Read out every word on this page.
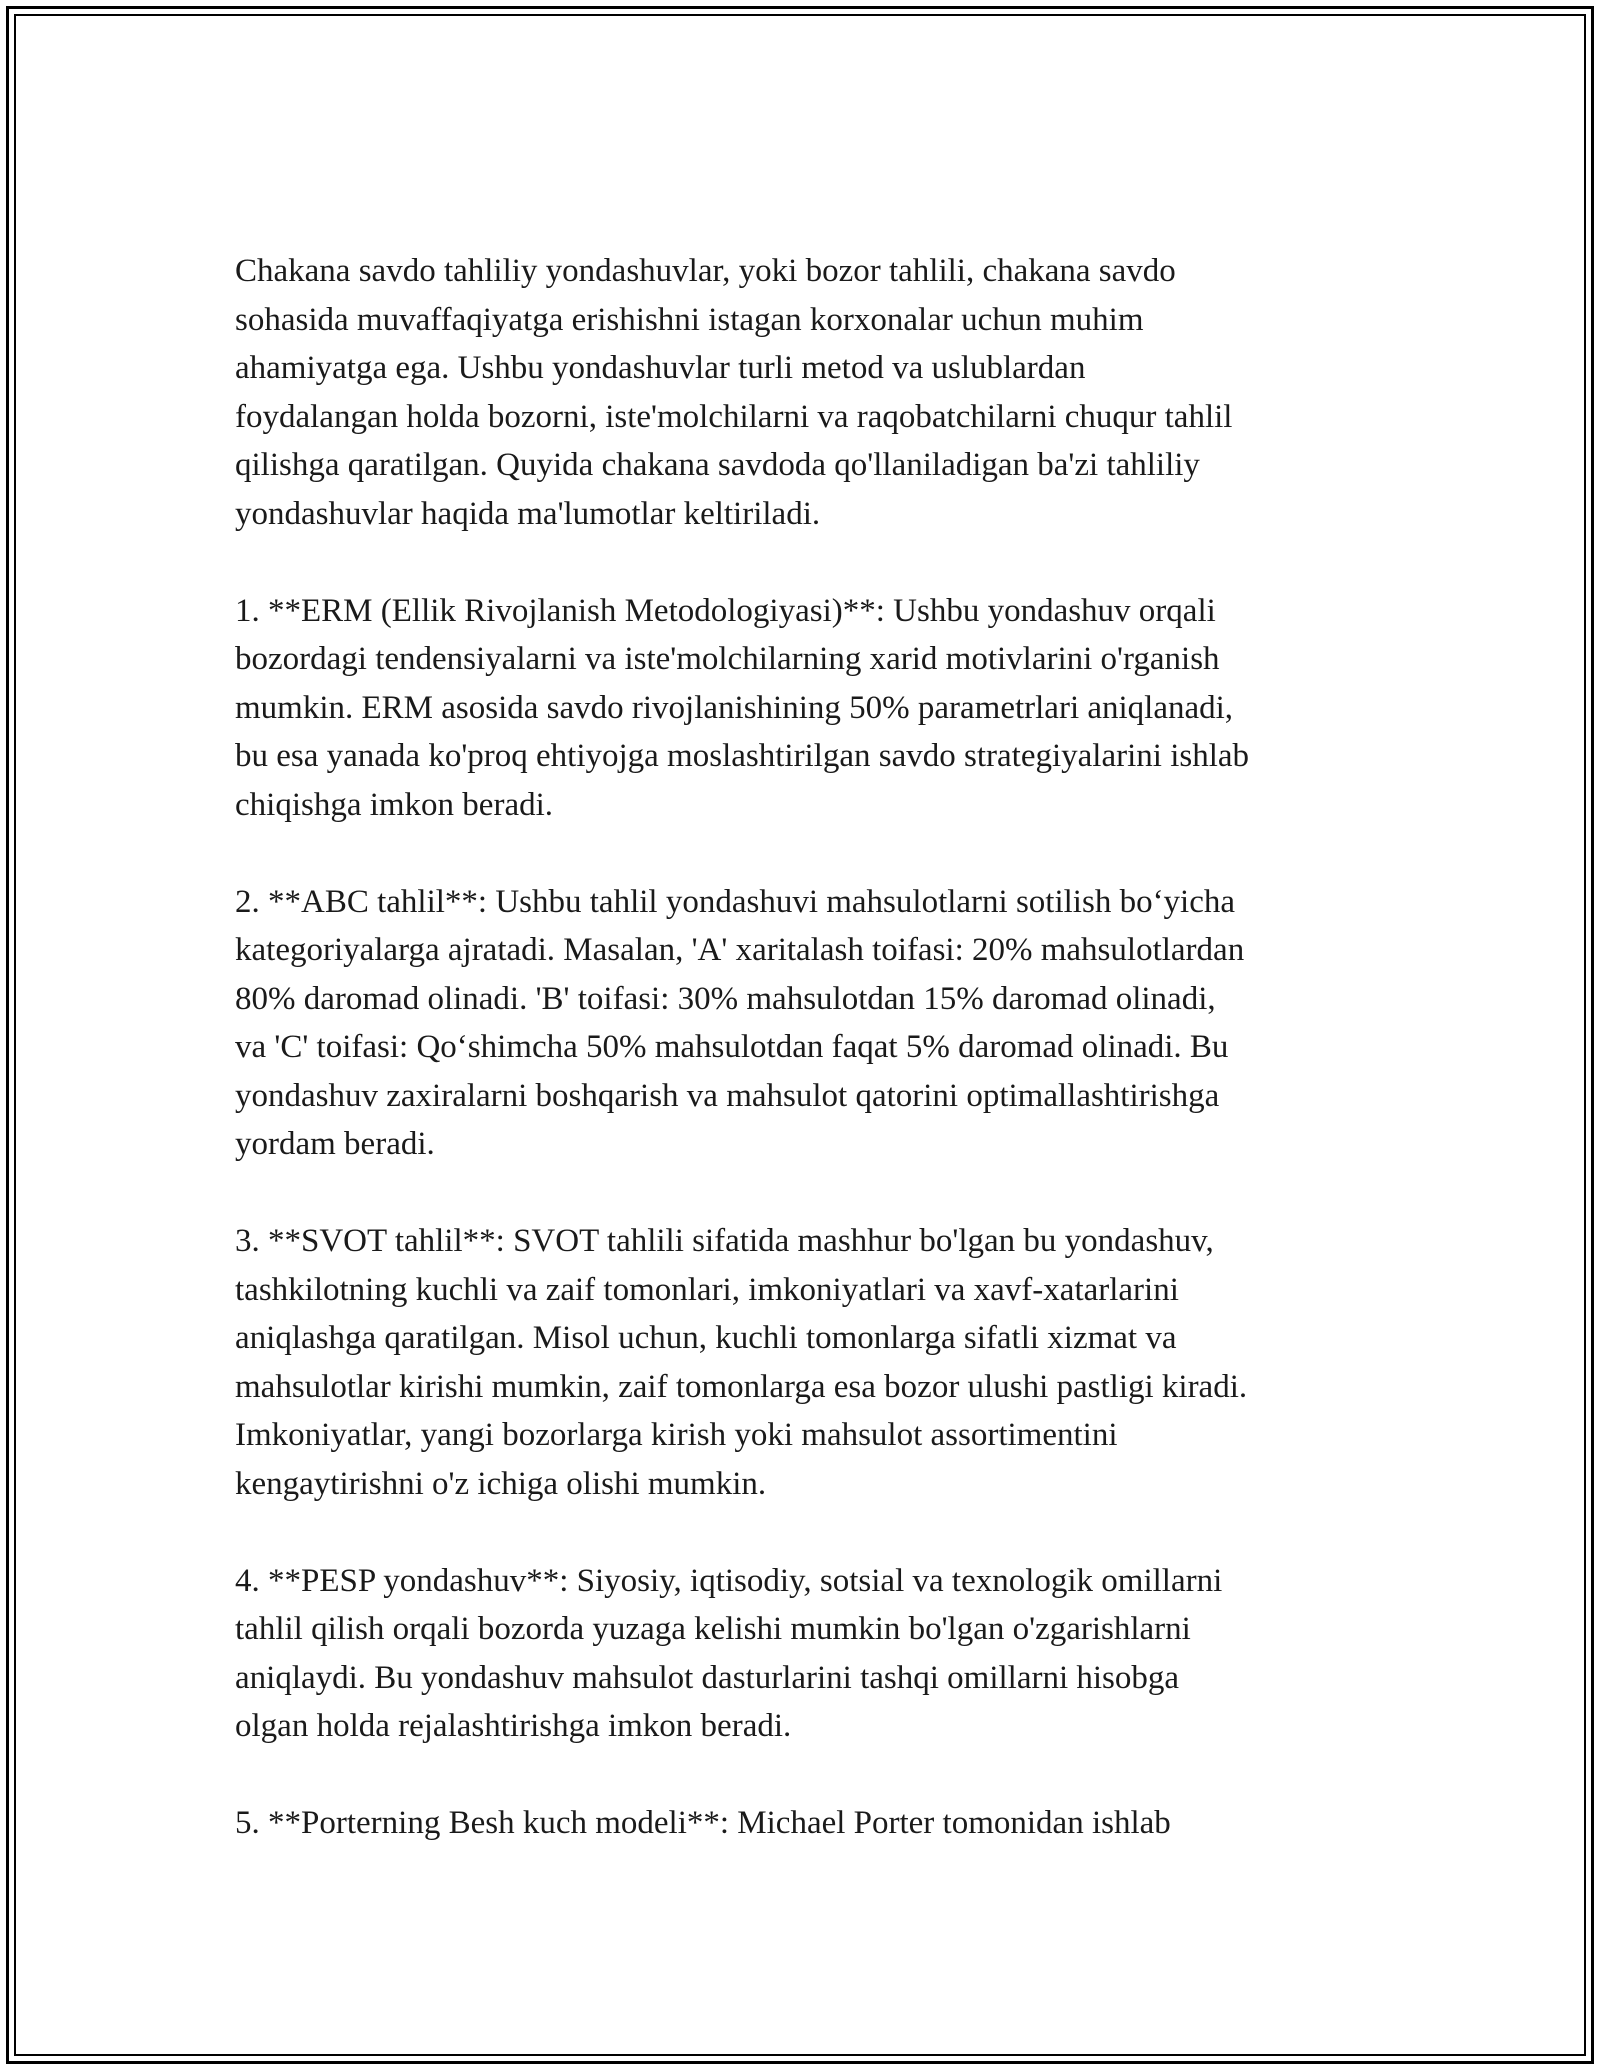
Chakana savdo tahliliy yondashuvlar, yoki bozor tahlili, chakana savdo
sohasida muvaffaqiyatga erishishni istagan korxonalar uchun muhim
ahamiyatga ega. Ushbu yondashuvlar turli metod va uslublardan
foydalangan holda bozorni, iste'molchilarni va raqobatchilarni chuqur tahlil
qilishga qaratilgan. Quyida chakana savdoda qo'llaniladigan ba'zi tahliliy
yondashuvlar haqida ma'lumotlar keltiriladi.

1. **ERM (Ellik Rivojlanish Metodologiyasi)**: Ushbu yondashuv orqali
bozordagi tendensiyalarni va iste'molchilarning xarid motivlarini o'rganish
mumkin. ERM asosida savdo rivojlanishining 50% parametrlari aniqlanadi,
bu esa yanada ko'proq ehtiyojga moslashtirilgan savdo strategiyalarini ishlab
chiqishga imkon beradi.

2. **ABC tahlil**: Ushbu tahlil yondashuvi mahsulotlarni sotilish bo‘yicha
kategoriyalarga ajratadi. Masalan, 'A' xaritalash toifasi: 20% mahsulotlardan
80% daromad olinadi. 'B' toifasi: 30% mahsulotdan 15% daromad olinadi,
va 'C' toifasi: Qo‘shimcha 50% mahsulotdan faqat 5% daromad olinadi. Bu
yondashuv zaxiralarni boshqarish va mahsulot qatorini optimallashtirishga
yordam beradi.

3. **SVOT tahlil**: SVOT tahlili sifatida mashhur bo'lgan bu yondashuv,
tashkilotning kuchli va zaif tomonlari, imkoniyatlari va xavf-xatarlarini
aniqlashga qaratilgan. Misol uchun, kuchli tomonlarga sifatli xizmat va
mahsulotlar kirishi mumkin, zaif tomonlarga esa bozor ulushi pastligi kiradi.
Imkoniyatlar, yangi bozorlarga kirish yoki mahsulot assortimentini
kengaytirishni o'z ichiga olishi mumkin.

4. **PESP yondashuv**: Siyosiy, iqtisodiy, sotsial va texnologik omillarni
tahlil qilish orqali bozorda yuzaga kelishi mumkin bo'lgan o'zgarishlarni
aniqlaydi. Bu yondashuv mahsulot dasturlarini tashqi omillarni hisobga
olgan holda rejalashtirishga imkon beradi.

5. **Porterning Besh kuch modeli**: Michael Porter tomonidan ishlab
